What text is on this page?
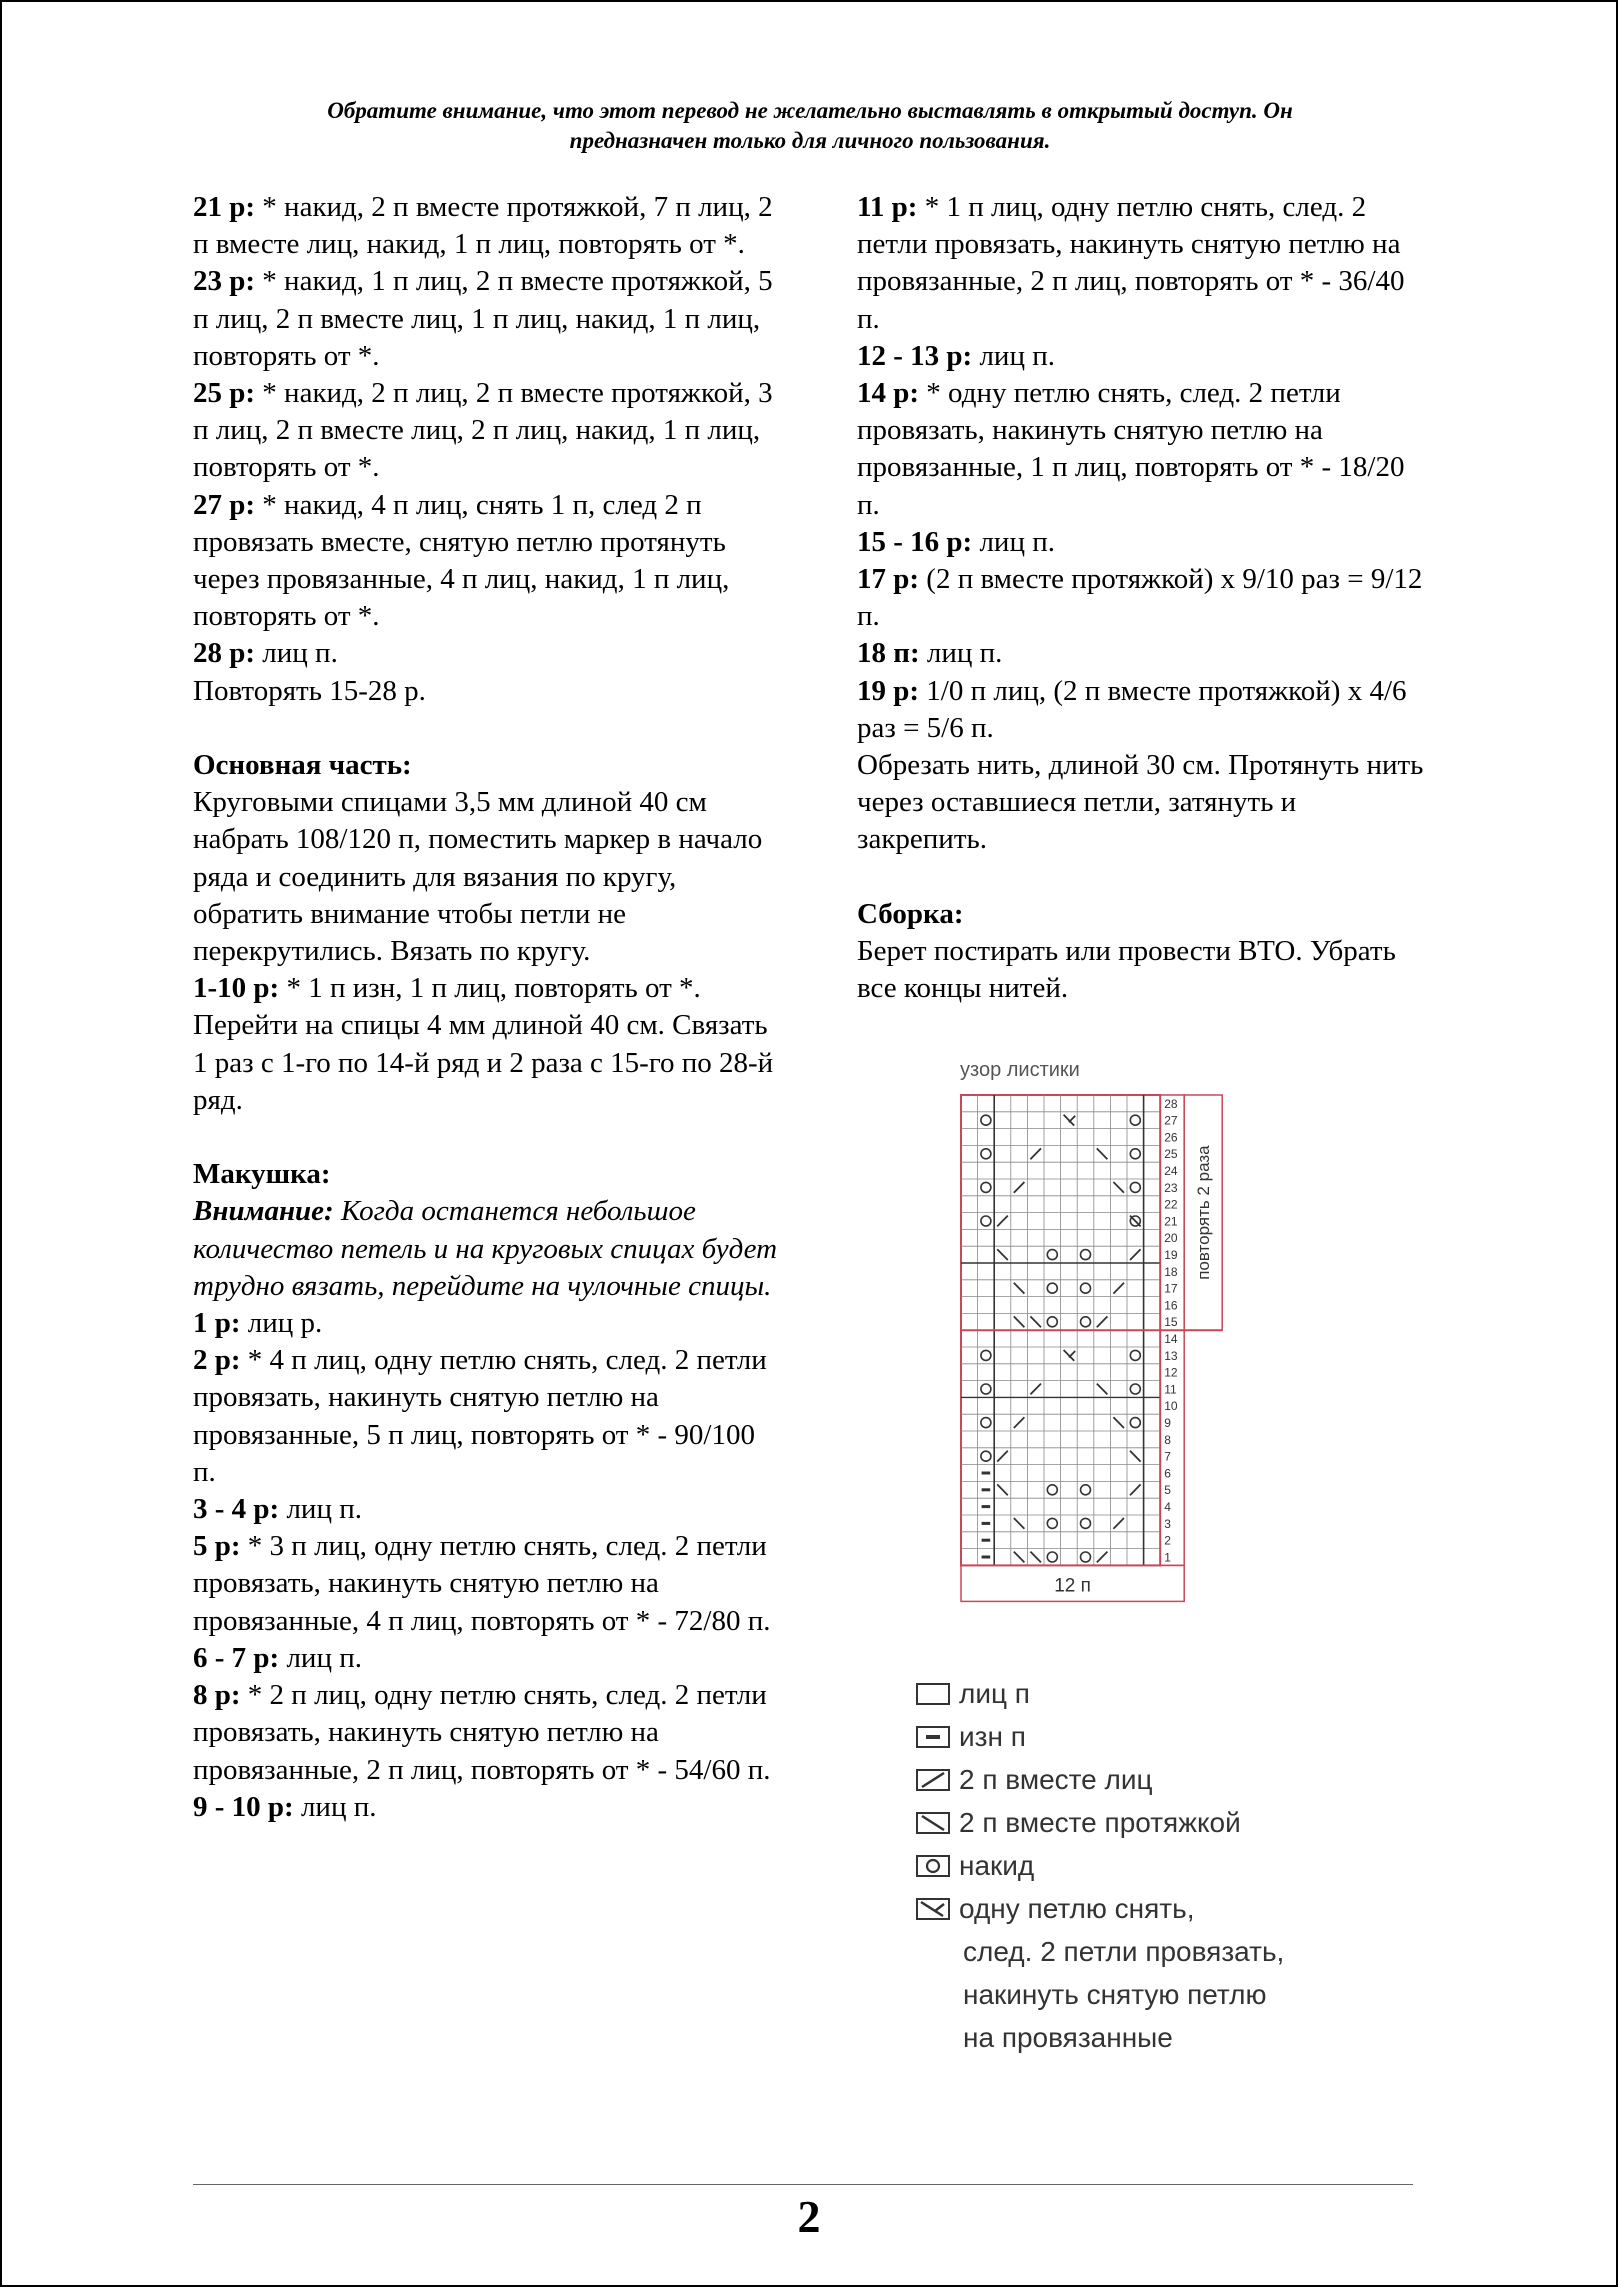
Обратите внимание, что этот перевод не желательно выставлять в открытый доступ. Он
предназначен только для личного пользования.

21 р: * накид, 2 п вместе протяжкой, 7 п лиц, 2 п вместе лиц, накид, 1 п лиц, повторять от *.

23 р: * накид, 1 п лиц, 2 п вместе протяжкой, 5 п лиц, 2 п вместе лиц, 1 п лиц, накид, 1 п лиц, повторять от *.

25 р: * накид, 2 п лиц, 2 п вместе протяжкой, 3 п лиц, 2 п вместе лиц, 2 п лиц, накид, 1 п лиц, повторять от *.

27 р: * накид, 4 п лиц, снять 1 п, след 2 п провязать вместе, снятую петлю протянуть через провязанные, 4 п лиц, накид, 1 п лиц, повторять от *.

28 р: лиц п.

Повторять 15-28 р.

Основная часть:

Круговыми спицами 3,5 мм длиной 40 см набрать 108/120 п, поместить маркер в начало ряда и соединить для вязания по кругу, обратить внимание чтобы петли не перекрутились. Вязать по кругу.

1-10 р: * 1 п изн, 1 п лиц, повторять от *.

Перейти на спицы 4 мм длиной 40 см. Связать 1 раз с 1-го по 14-й ряд и 2 раза с 15-го по 28-й ряд.

Макушка:

Внимание: Когда останется небольшое количество петель и на круговых спицах будет трудно вязать, перейдите на чулочные спицы.

1 р: лиц р.

2 р: * 4 п лиц, одну петлю снять, след. 2 петли провязать, накинуть снятую петлю на провязанные, 5 п лиц, повторять от * - 90/100 п.

3 - 4 р: лиц п.

5 р: * 3 п лиц, одну петлю снять, след. 2 петли провязать, накинуть снятую петлю на провязанные, 4 п лиц, повторять от * - 72/80 п.

6 - 7 р: лиц п.

8 р: * 2 п лиц, одну петлю снять, след. 2 петли провязать, накинуть снятую петлю на провязанные, 2 п лиц, повторять от * - 54/60 п.

9 - 10 р: лиц п.

11 р: * 1 п лиц, одну петлю снять, след. 2 петли провязать, накинуть снятую петлю на провязанные, 2 п лиц, повторять от * - 36/40 п.

12 - 13 р: лиц п.

14 р: * одну петлю снять, след. 2 петли провязать, накинуть снятую петлю на провязанные, 1 п лиц, повторять от * - 18/20 п.

15 - 16 р: лиц п.

17 р: (2 п вместе протяжкой) х 9/10 раз = 9/12 п.

18 п: лиц п.

19 р: 1/0 п лиц, (2 п вместе протяжкой) х 4/6 раз = 5/6 п.

Обрезать нить, длиной 30 см. Протянуть нить через оставшиеся петли, затянуть и закрепить.

Сборка:

Берет постирать или провести ВТО. Убрать все концы нитей.

узор листики
1
2
3
4
5
6
7
8
9
10
11
12
13
14
15
16
17
18
19
20
21
22
23
24
25
26
27
28
повторять 2 раза
12 п
лиц п
изн п
2 п вместе лиц
2 п вместе протяжкой
накид
одну петлю снять,
след. 2 петли провязать,
накинуть снятую петлю
на провязанные
2
